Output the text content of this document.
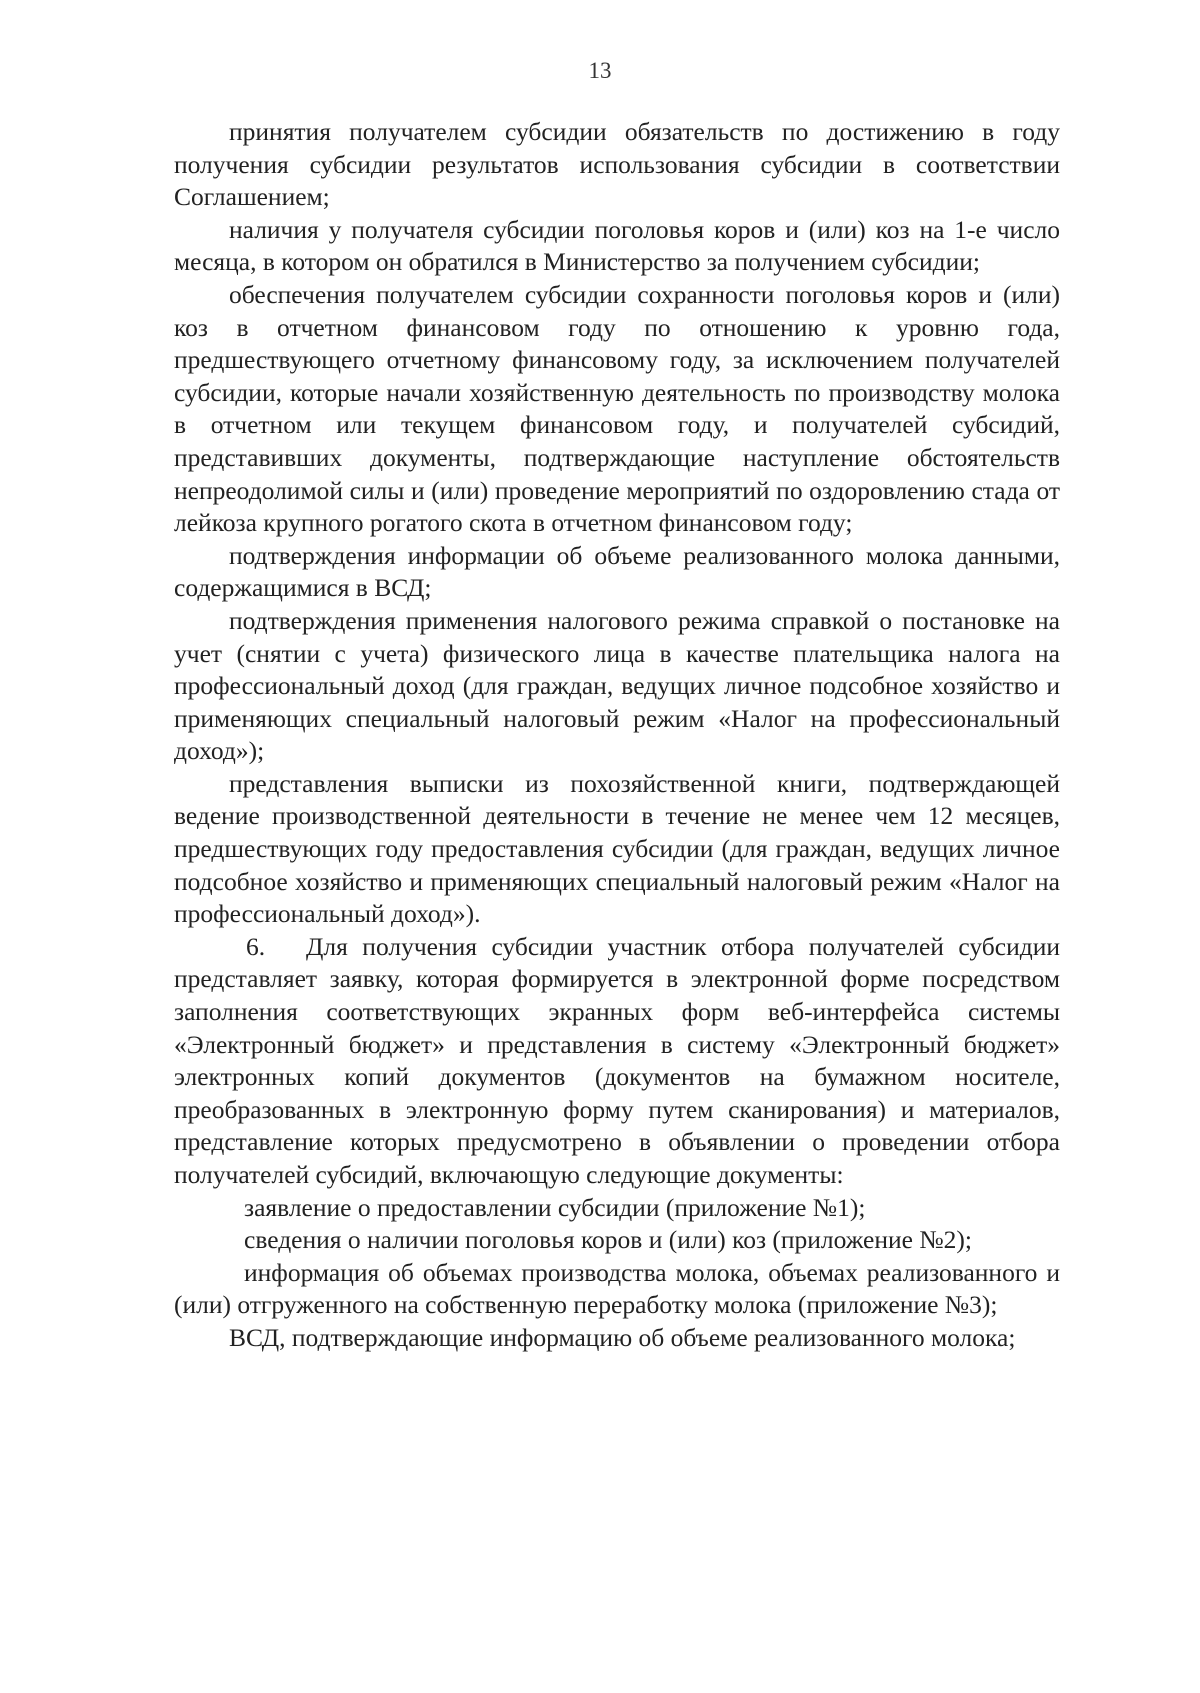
13

принятия получателем субсидии обязательств по достижению в году получения субсидии результатов использования субсидии в соответствии Соглашением;

наличия у получателя субсидии поголовья коров и (или) коз на 1-е число месяца, в котором он обратился в Министерство за получением субсидии;

обеспечения получателем субсидии сохранности поголовья коров и (или) коз в отчетном финансовом году по отношению к уровню года, предшествующего отчетному финансовому году, за исключением получателей субсидии, которые начали хозяйственную деятельность по производству молока в отчетном или текущем финансовом году, и получателей субсидий, представивших документы, подтверждающие наступление обстоятельств непреодолимой силы и (или) проведение мероприятий по оздоровлению стада от лейкоза крупного рогатого скота в отчетном финансовом году;

подтверждения информации об объеме реализованного молока данными, содержащимися в ВСД;

подтверждения применения налогового режима справкой о постановке на учет (снятии с учета) физического лица в качестве плательщика налога на профессиональный доход (для граждан, ведущих личное подсобное хозяйство и применяющих специальный налоговый режим «Налог на профессиональный доход»);

представления выписки из похозяйственной книги, подтверждающей ведение производственной деятельности в течение не менее чем 12 месяцев, предшествующих году предоставления субсидии (для граждан, ведущих личное подсобное хозяйство и применяющих специальный налоговый режим «Налог на профессиональный доход»).

6. Для получения субсидии участник отбора получателей субсидии представляет заявку, которая формируется в электронной форме посредством заполнения соответствующих экранных форм веб-интерфейса системы «Электронный бюджет» и представления в систему «Электронный бюджет» электронных копий документов (документов на бумажном носителе, преобразованных в электронную форму путем сканирования) и материалов, представление которых предусмотрено в объявлении о проведении отбора получателей субсидий, включающую следующие документы:

заявление о предоставлении субсидии (приложение №1);

сведения о наличии поголовья коров и (или) коз (приложение №2);

информация об объемах производства молока, объемах реализованного и (или) отгруженного на собственную переработку молока (приложение №3);

ВСД, подтверждающие информацию об объеме реализованного молока;
